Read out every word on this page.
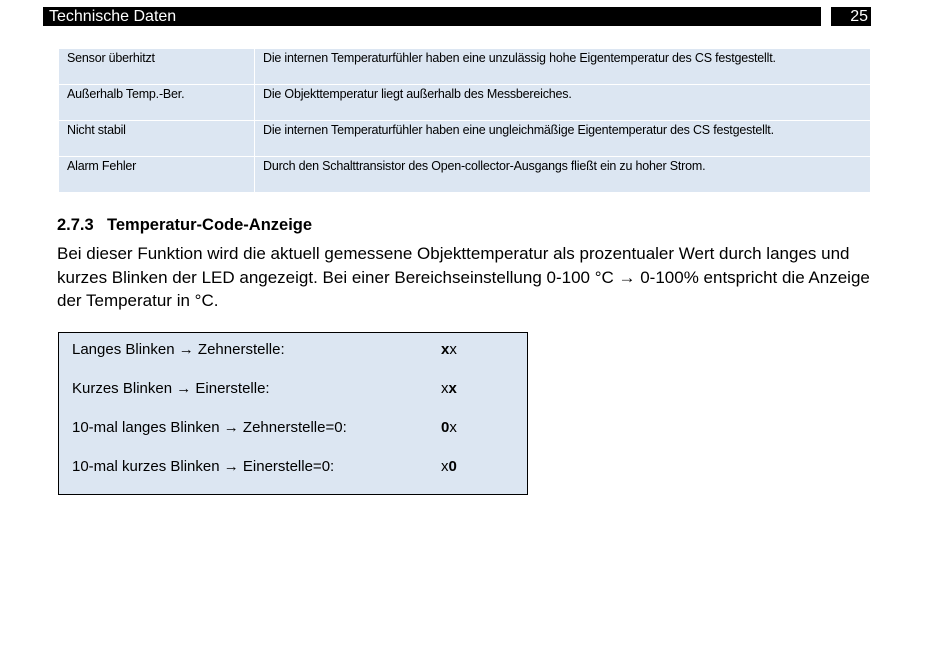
Technische Daten	25
Sensor überhitzt	Die internen Temperaturfühler haben eine unzulässig hohe Eigentemperatur des CS festgestellt.
Außerhalb Temp.-Ber.	Die Objekttemperatur liegt außerhalb des Messbereiches.
Nicht stabil	Die internen Temperaturfühler haben eine ungleichmäßige Eigentemperatur des CS festgestellt.
Alarm Fehler	Durch den Schalttransistor des Open-collector-Ausgangs fließt ein zu hoher Strom.
2.7.3 Temperatur-Code-Anzeige
Bei dieser Funktion wird die aktuell gemessene Objekttemperatur als prozentualer Wert durch langes und kurzes Blinken der LED angezeigt. Bei einer Bereichseinstellung 0-100 °C → 0-100% entspricht die Anzeige der Temperatur in °C.
Langes Blinken → Zehnerstelle:	xx
Kurzes Blinken → Einerstelle:	xx
10-mal langes Blinken → Zehnerstelle=0:	0x
10-mal kurzes Blinken → Einerstelle=0:	x0
